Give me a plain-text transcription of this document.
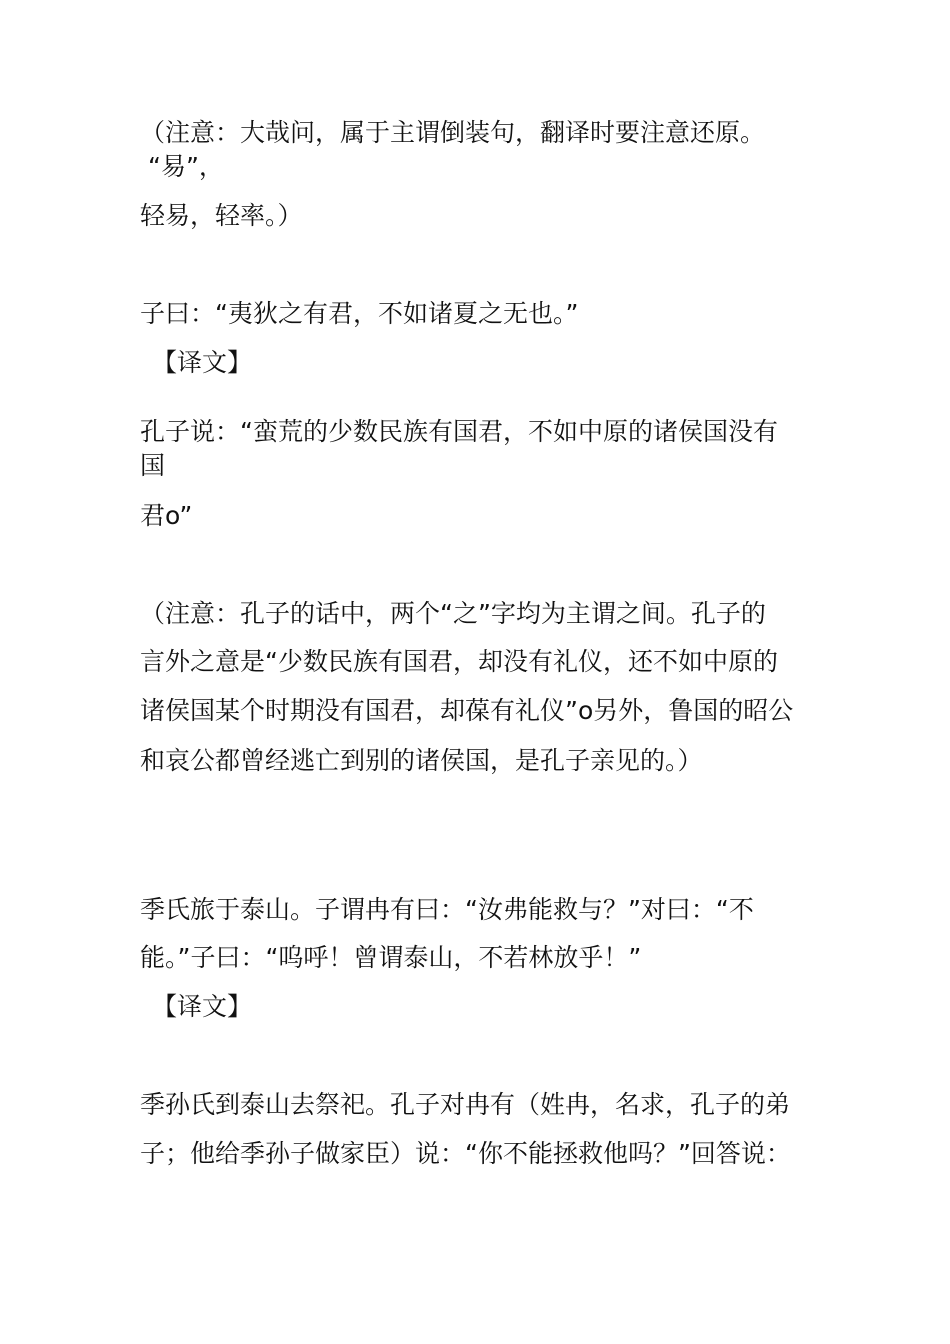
（注意：大哉问，属于主谓倒装句，翻译时要注意还原。
“易”，
轻易，轻率。）
子曰：“夷狄之有君，不如诸夏之无也。”
【译文】
孔子说：“蛮荒的少数民族有国君，不如中原的诸侯国没有
国
君o”
（注意：孔子的话中，两个“之”字均为主谓之间。孔子的
言外之意是“少数民族有国君，却没有礼仪，还不如中原的
诸侯国某个时期没有国君，却葆有礼仪”o另外，鲁国的昭公
和哀公都曾经逃亡到别的诸侯国，是孔子亲见的。）
季氏旅于泰山。子谓冉有曰：“汝弗能救与？”对曰：“不
能。”子曰：“呜呼！曾谓泰山，不若林放乎！”
【译文】
季孙氏到泰山去祭祀。孔子对冉有（姓冉，名求，孔子的弟
子；他给季孙子做家臣）说：“你不能拯救他吗？”回答说：
